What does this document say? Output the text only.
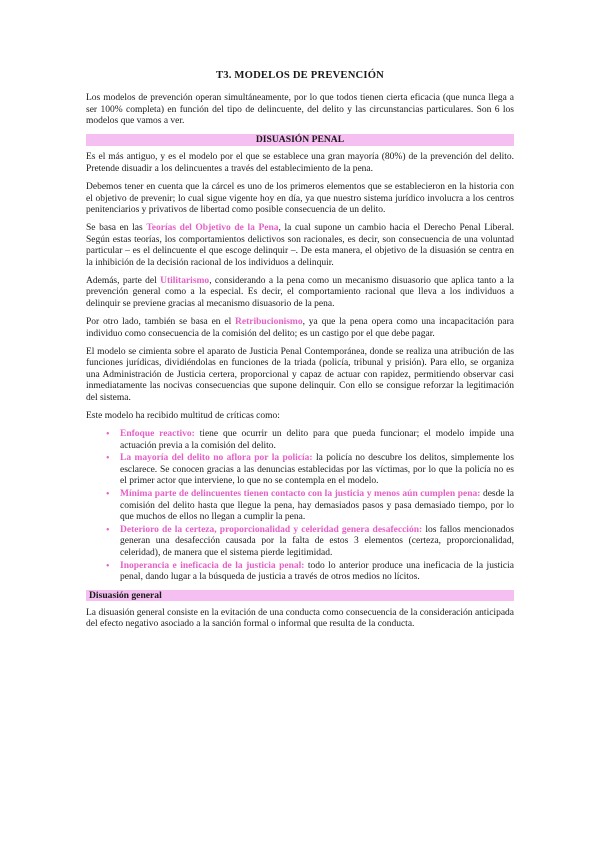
T3. MODELOS DE PREVENCIÓN

Los modelos de prevención operan simultáneamente, por lo que todos tienen cierta eficacia (que nunca llega a ser 100% completa) en función del tipo de delincuente, del delito y las circunstancias particulares. Son 6 los modelos que vamos a ver.

DISUASIÓN PENAL

Es el más antiguo, y es el modelo por el que se establece una gran mayoría (80%) de la prevención del delito. Pretende disuadir a los delincuentes a través del establecimiento de la pena.

Debemos tener en cuenta que la cárcel es uno de los primeros elementos que se establecieron en la historia con el objetivo de prevenir; lo cual sigue vigente hoy en día, ya que nuestro sistema jurídico involucra a los centros penitenciarios y privativos de libertad como posible consecuencia de un delito.

Se basa en las Teorías del Objetivo de la Pena, la cual supone un cambio hacia el Derecho Penal Liberal. Según estas teorías, los comportamientos delictivos son racionales, es decir, son consecuencia de una voluntad particular – es el delincuente el que escoge delinquir –. De esta manera, el objetivo de la disuasión se centra en la inhibición de la decisión racional de los individuos a delinquir.

Además, parte del Utilitarismo, considerando a la pena como un mecanismo disuasorio que aplica tanto a la prevención general como a la especial. Es decir, el comportamiento racional que lleva a los individuos a delinquir se previene gracias al mecanismo disuasorio de la pena.

Por otro lado, también se basa en el Retribucionismo, ya que la pena opera como una incapacitación para individuo como consecuencia de la comisión del delito; es un castigo por el que debe pagar.

El modelo se cimienta sobre el aparato de Justicia Penal Contemporánea, donde se realiza una atribución de las funciones jurídicas, dividiéndolas en funciones de la triada (policía, tribunal y prisión). Para ello, se organiza una Administración de Justicia certera, proporcional y capaz de actuar con rapidez, permitiendo observar casi inmediatamente las nocivas consecuencias que supone delinquir. Con ello se consigue reforzar la legitimación del sistema.

Este modelo ha recibido multitud de críticas como:

• Enfoque reactivo: tiene que ocurrir un delito para que pueda funcionar; el modelo impide una actuación previa a la comisión del delito.
• La mayoría del delito no aflora por la policía: la policía no descubre los delitos, simplemente los esclarece. Se conocen gracias a las denuncias establecidas por las víctimas, por lo que la policía no es el primer actor que interviene, lo que no se contempla en el modelo.
• Mínima parte de delincuentes tienen contacto con la justicia y menos aún cumplen pena: desde la comisión del delito hasta que llegue la pena, hay demasiados pasos y pasa demasiado tiempo, por lo que muchos de ellos no llegan a cumplir la pena.
• Deterioro de la certeza, proporcionalidad y celeridad genera desafección: los fallos mencionados generan una desafección causada por la falta de estos 3 elementos (certeza, proporcionalidad, celeridad), de manera que el sistema pierde legitimidad.
• Inoperancia e ineficacia de la justicia penal: todo lo anterior produce una ineficacia de la justicia penal, dando lugar a la búsqueda de justicia a través de otros medios no lícitos.
Disuasión general

La disuasión general consiste en la evitación de una conducta como consecuencia de la consideración anticipada del efecto negativo asociado a la sanción formal o informal que resulta de la conducta.
